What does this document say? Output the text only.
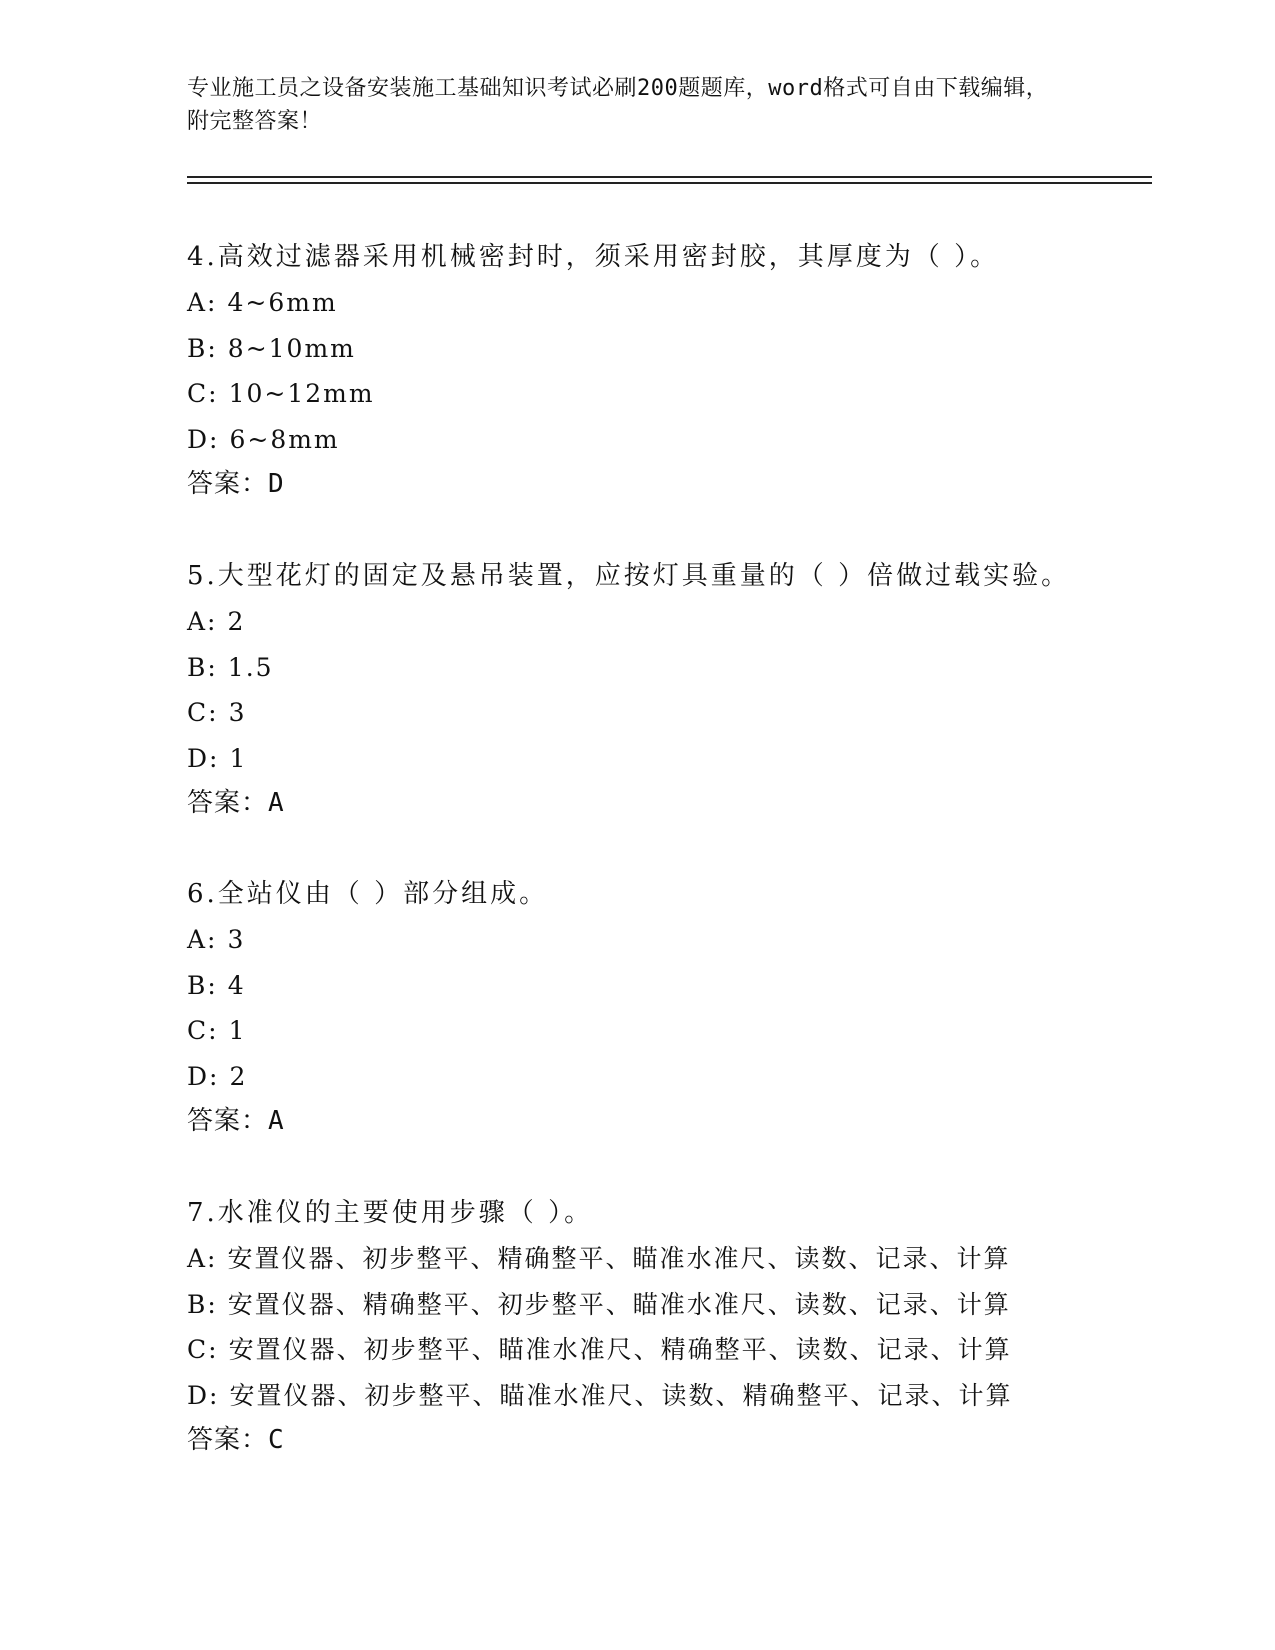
专业施工员之设备安装施工基础知识考试必刷200题题库，word格式可自由下载编辑，附完整答案！
4.高效过滤器采用机械密封时，须采用密封胶，其厚度为（ ）。
A: 4~6mm
B: 8~10mm
C: 10~12mm
D: 6~8mm
答案：D
5.大型花灯的固定及悬吊装置，应按灯具重量的（ ）倍做过载实验。
A: 2
B: 1.5
C: 3
D: 1
答案：A
6.全站仪由（ ）部分组成。
A: 3
B: 4
C: 1
D: 2
答案：A
7.水准仪的主要使用步骤（ ）。
A: 安置仪器、初步整平、精确整平、瞄准水准尺、读数、记录、计算
B: 安置仪器、精确整平、初步整平、瞄准水准尺、读数、记录、计算
C: 安置仪器、初步整平、瞄准水准尺、精确整平、读数、记录、计算
D: 安置仪器、初步整平、瞄准水准尺、读数、精确整平、记录、计算
答案：C
